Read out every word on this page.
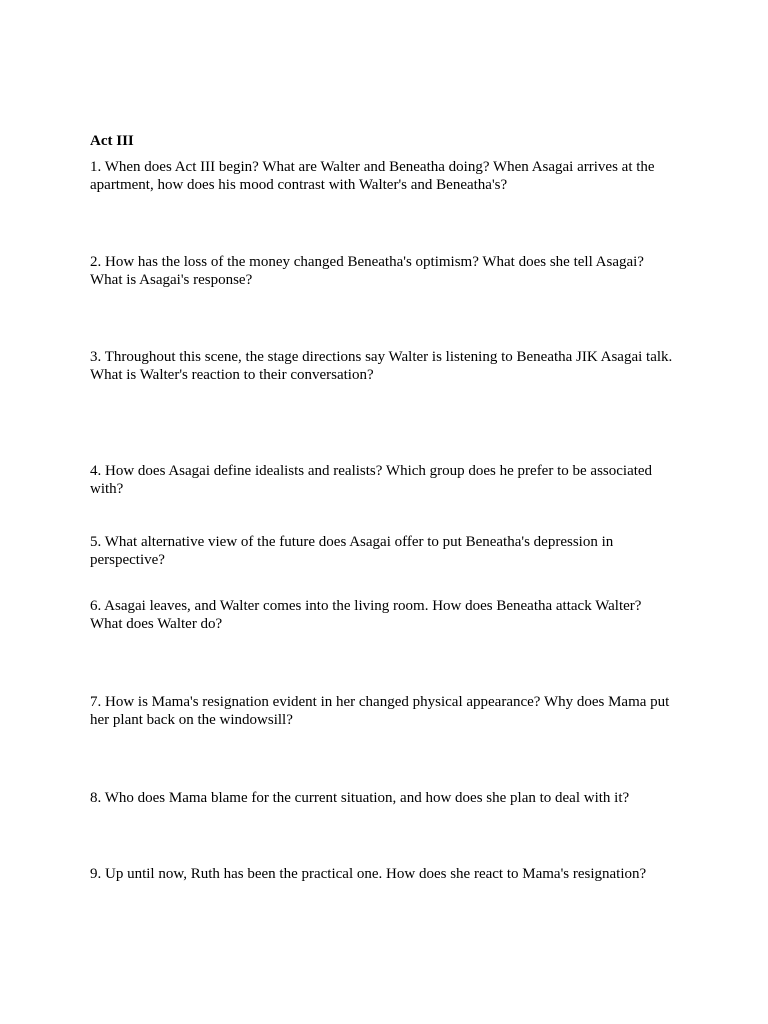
Act III

1. When does Act III begin? What are Walter and Beneatha doing? When Asagai arrives at the
apartment, how does his mood contrast with Walter's and Beneatha's?

2. How has the loss of the money changed Beneatha's optimism? What does she tell Asagai?
What is Asagai's response?

3. Throughout this scene, the stage directions say Walter is listening to Beneatha JIK Asagai talk.
What is Walter's reaction to their conversation?

4. How does Asagai define idealists and realists? Which group does he prefer to be associated
with?

5. What alternative view of the future does Asagai offer to put Beneatha's depression in
perspective?

6. Asagai leaves, and Walter comes into the living room. How does Beneatha attack Walter?
What does Walter do?

7. How is Mama's resignation evident in her changed physical appearance? Why does Mama put
her plant back on the windowsill?

8. Who does Mama blame for the current situation, and how does she plan to deal with it?

9. Up until now, Ruth has been the practical one. How does she react to Mama's resignation?
